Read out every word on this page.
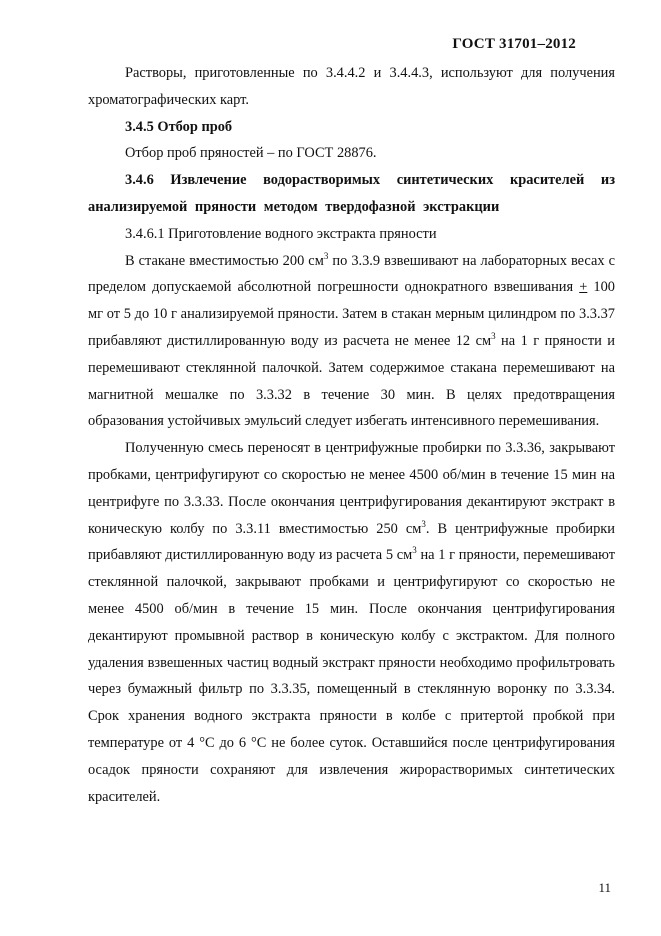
ГОСТ 31701–2012

Растворы, приготовленные по 3.4.4.2 и 3.4.4.3, используют для получения хроматографических карт.

3.4.5 Отбор проб

Отбор проб пряностей – по ГОСТ 28876.

3.4.6 Извлечение водорастворимых синтетических красителей из анализируемой пряности методом твердофазной экстракции

3.4.6.1 Приготовление водного экстракта пряности

В стакане вместимостью 200 $см^3$ по 3.3.9 взвешивают на лабораторных весах с пределом допускаемой абсолютной погрешности однократного взвешивания + 100 мг от 5 до 10 г анализируемой пряности. Затем в стакан мерным цилиндром по 3.3.37 прибавляют дистиллированную воду из расчета не менее 12 $см^3$ на 1 г пряности и перемешивают стеклянной палочкой. Затем содержимое стакана перемешивают на магнитной мешалке по 3.3.32 в течение 30 мин. В целях предотвращения образования устойчивых эмульсий следует избегать интенсивного перемешивания.

Полученную смесь переносят в центрифужные пробирки по 3.3.36, закрывают пробками, центрифугируют со скоростью не менее 4500 об/мин в течение 15 мин на центрифуге по 3.3.33. После окончания центрифугирования декантируют экстракт в коническую колбу по 3.3.11 вместимостью 250 $см^3$. В центрифужные пробирки прибавляют дистиллированную воду из расчета 5 $см^3$ на 1 г пряности, перемешивают стеклянной палочкой, закрывают пробками и центрифугируют со скоростью не менее 4500 об/мин в течение 15 мин. После окончания центрифугирования декантируют промывной раствор в коническую колбу с экстрактом. Для полного удаления взвешенных частиц водный экстракт пряности необходимо профильтровать через бумажный фильтр по 3.3.35, помещенный в стеклянную воронку по 3.3.34. Срок хранения водного экстракта пряности в колбе с притертой пробкой при температуре от 4 °С до 6 °С не более суток. Оставшийся после центрифугирования осадок пряности сохраняют для извлечения жирорастворимых синтетических красителей.

11
